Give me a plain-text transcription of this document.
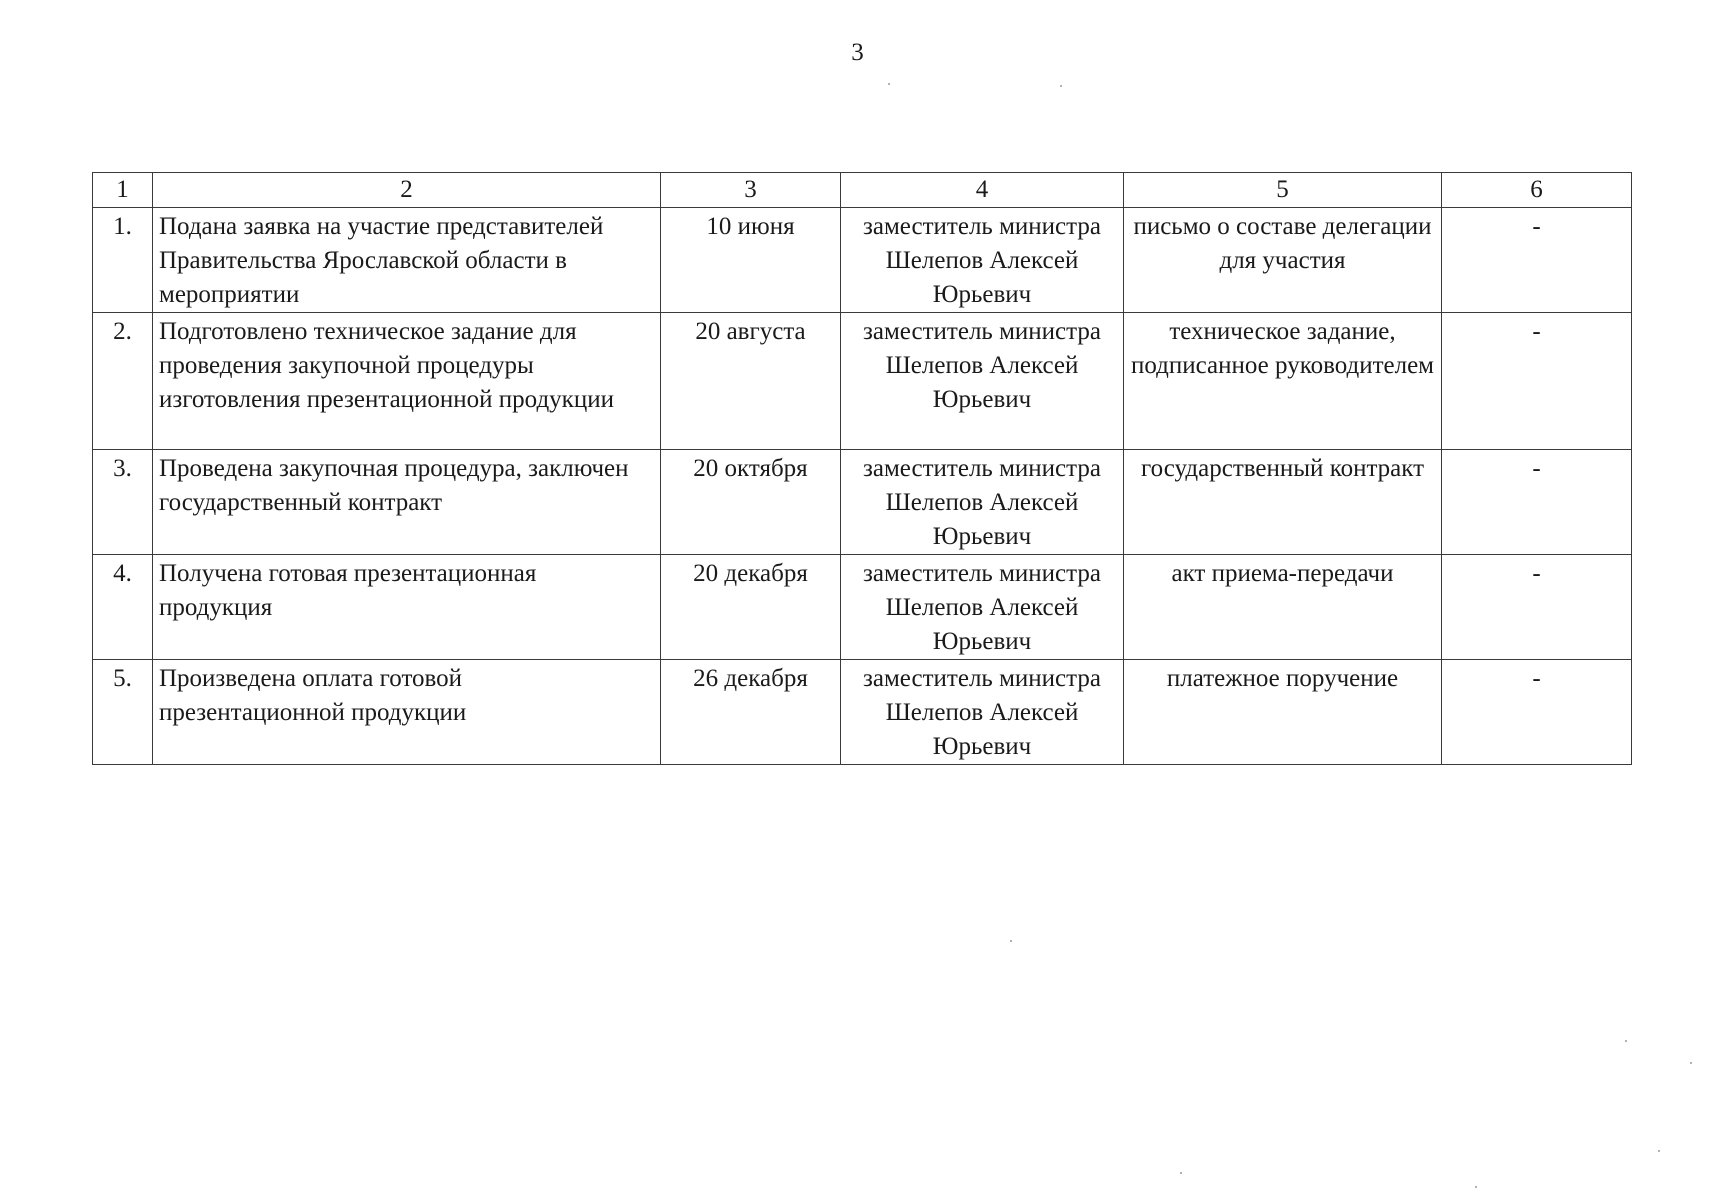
3
1	2	3	4	5	6
1.	Подана заявка на участие представителей Правительства Ярославской области в мероприятии	10 июня	заместитель министра Шелепов Алексей Юрьевич	письмо о составе делегации для участия	-
2.	Подготовлено техническое задание для проведения закупочной процедуры изготовления презентационной продукции	20 августа	заместитель министра Шелепов Алексей Юрьевич	техническое задание, подписанное руководителем	-
3.	Проведена закупочная процедура, заключен государственный контракт	20 октября	заместитель министра Шелепов Алексей Юрьевич	государственный контракт	-
4.	Получена готовая презентационная продукция	20 декабря	заместитель министра Шелепов Алексей Юрьевич	акт приема-передачи	-
5.	Произведена оплата готовой презентационной продукции	26 декабря	заместитель министра Шелепов Алексей Юрьевич	платежное поручение	-
